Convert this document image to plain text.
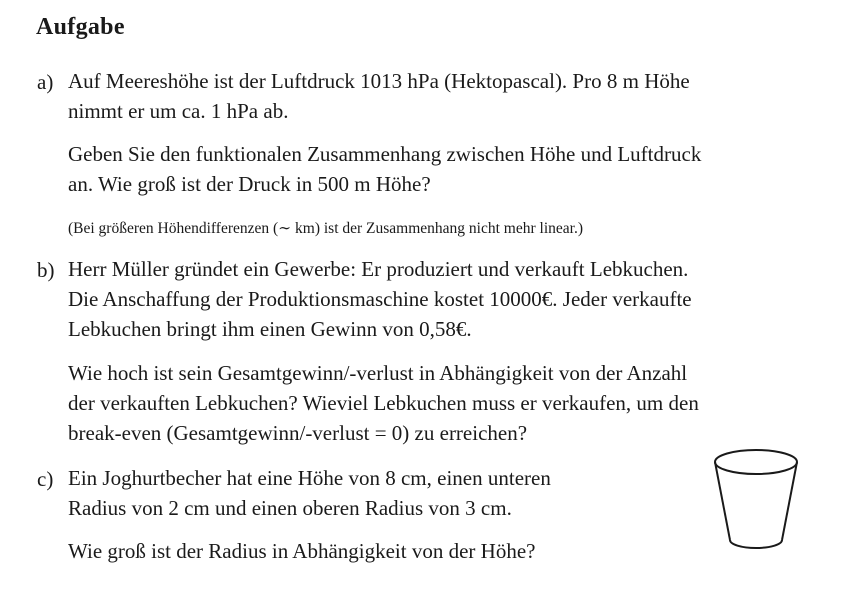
Aufgabe
a) Auf Meereshöhe ist der Luftdruck 1013 hPa (Hektopascal). Pro 8 m Höhe
nimmt er um ca. 1 hPa ab.
Geben Sie den funktionalen Zusammenhang zwischen Höhe und Luftdruck
an. Wie groß ist der Druck in 500 m Höhe?
(Bei größeren Höhendifferenzen (∼ km) ist der Zusammenhang nicht mehr linear.)
b) Herr Müller gründet ein Gewerbe: Er produziert und verkauft Lebkuchen.
Die Anschaffung der Produktionsmaschine kostet 10000€. Jeder verkaufte
Lebkuchen bringt ihm einen Gewinn von 0,58€.
Wie hoch ist sein Gesamtgewinn/-verlust in Abhängigkeit von der Anzahl
der verkauften Lebkuchen? Wieviel Lebkuchen muss er verkaufen, um den
break-even (Gesamtgewinn/-verlust = 0) zu erreichen?
c) Ein Joghurtbecher hat eine Höhe von 8 cm, einen unteren
Radius von 2 cm und einen oberen Radius von 3 cm.
Wie groß ist der Radius in Abhängigkeit von der Höhe?
